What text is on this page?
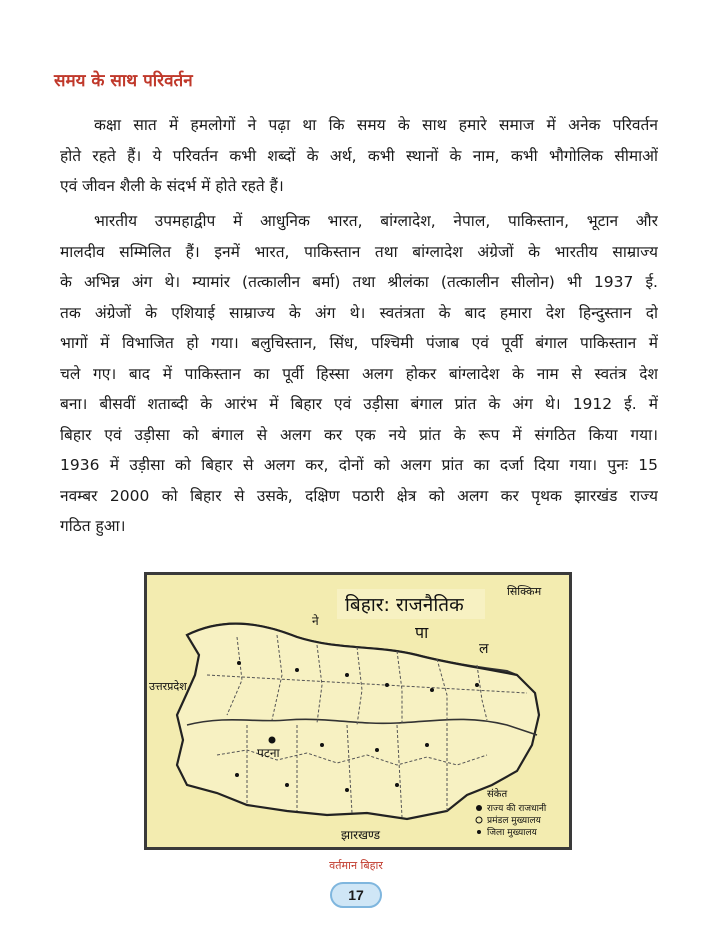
समय के साथ परिवर्तन
कक्षा सात में हमलोगों ने पढ़ा था कि समय के साथ हमारे समाज में अनेक परिवर्तन
होते रहते हैं। ये परिवर्तन कभी शब्दों के अर्थ, कभी स्थानों के नाम, कभी भौगोलिक सीमाओं
एवं जीवन शैली के संदर्भ में होते रहते हैं।
भारतीय उपमहाद्वीप में आधुनिक भारत, बांग्लादेश, नेपाल, पाकिस्तान, भूटान और
मालदीव सम्मिलित हैं। इनमें भारत, पाकिस्तान तथा बांग्लादेश अंग्रेजों के भारतीय साम्राज्य
के अभिन्न अंग थे। म्यामांर (तत्कालीन बर्मा) तथा श्रीलंका (तत्कालीन सीलोन) भी 1937 ई.
तक अंग्रेजों के एशियाई साम्राज्य के अंग थे। स्वतंत्रता के बाद हमारा देश हिन्दुस्तान दो
भागों में विभाजित हो गया। बलुचिस्तान, सिंध, पश्चिमी पंजाब एवं पूर्वी बंगाल पाकिस्तान में
चले गए। बाद में पाकिस्तान का पूर्वी हिस्सा अलग होकर बांग्लादेश के नाम से स्वतंत्र देश
बना। बीसवीं शताब्दी के आरंभ में बिहार एवं उड़ीसा बंगाल प्रांत के अंग थे। 1912 ई. में
बिहार एवं उड़ीसा को बंगाल से अलग कर एक नये प्रांत के रूप में संगठित किया गया।
1936 में उड़ीसा को बिहार से अलग कर, दोनों को अलग प्रांत का दर्जा दिया गया। पुनः 15
नवम्बर 2000 को बिहार से उसके, दक्षिण पठारी क्षेत्र को अलग कर पृथक झारखंड राज्य
गठित हुआ।
बिहार: राजनैतिक
ने
पा
ल
सिक्किम
उत्तरप्रदेश
झारखण्ड
पटना
संकेत
राज्य की राजधानी
प्रमंडल मुख्यालय
जिला मुख्यालय
वर्तमान बिहार
17
